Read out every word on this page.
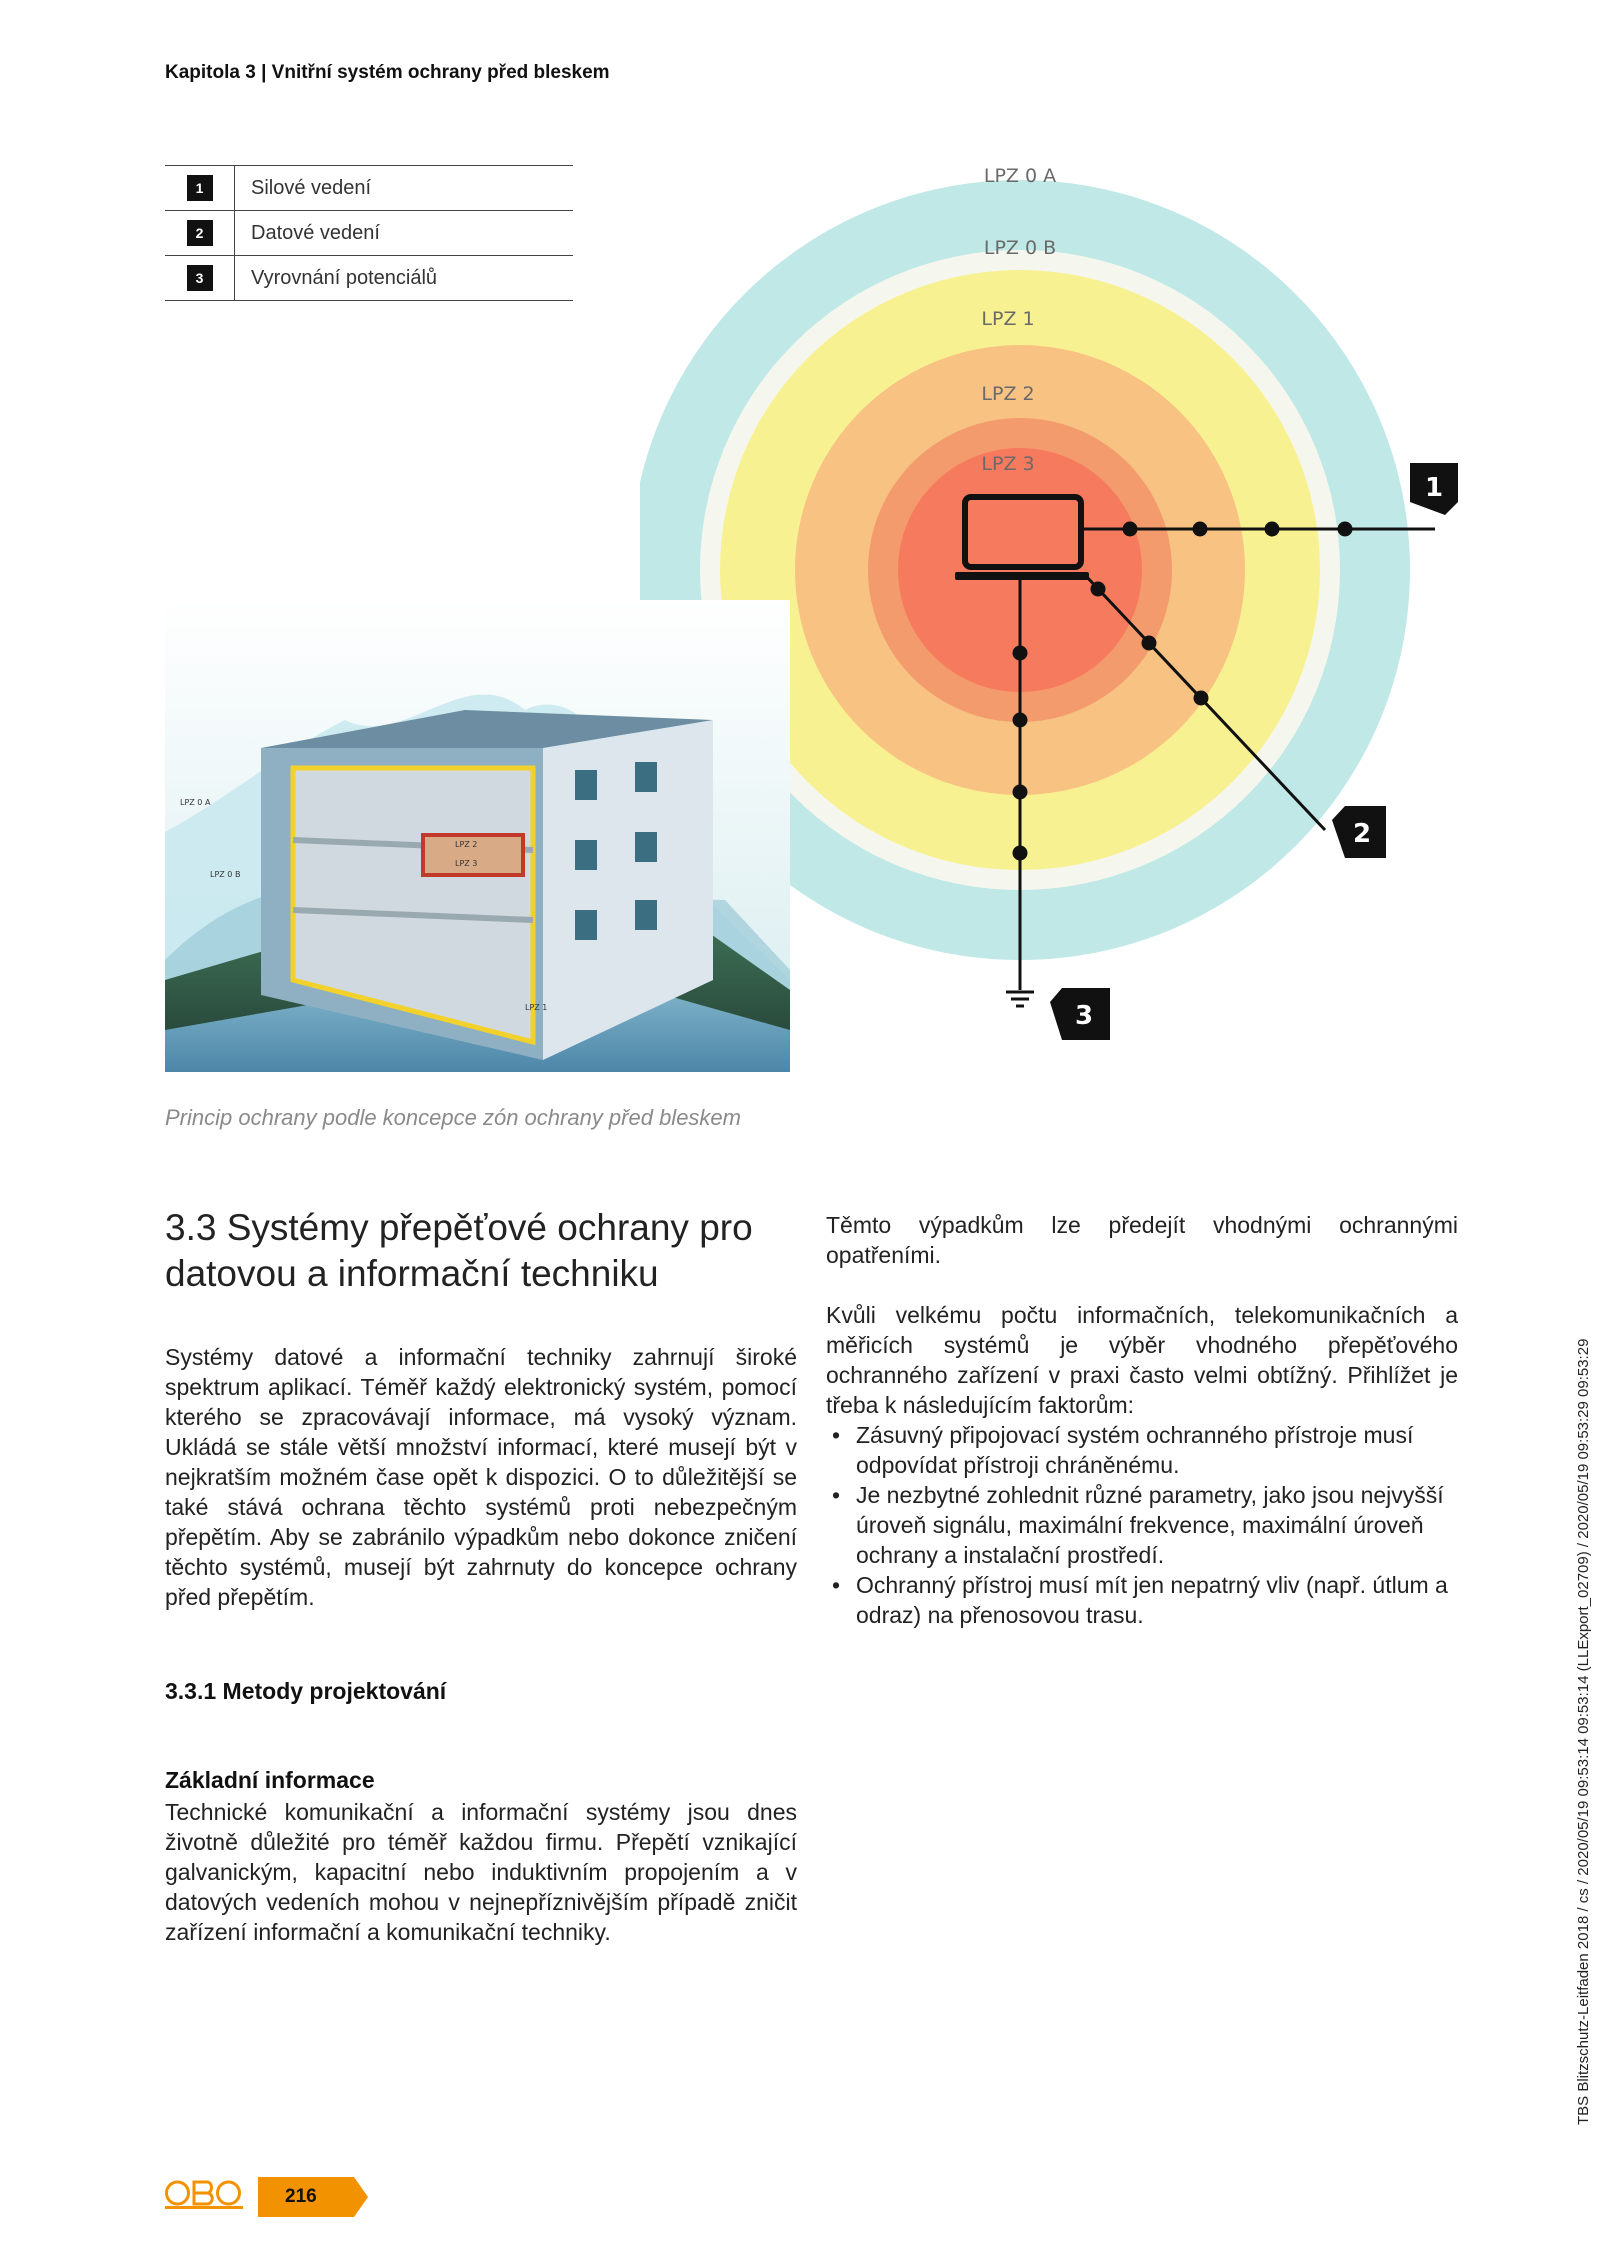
Kapitola 3 | Vnitřní systém ochrany před bleskem
1	Silové vedení
2	Datové vedení
3	Vyrovnání potenciálů
LPZ 0 A
LPZ 0 B
LPZ 1
LPZ 2
LPZ 3
1
2
3
LPZ 0 A
LPZ 0 B
LPZ 2
LPZ 3
LPZ 1
Princip ochrany podle koncepce zón ochrany před bleskem
3.3 Systémy přepěťové ochrany pro
datovou a informační techniku

Systémy datové a informační techniky zahrnují široké spektrum aplikací. Téměř každý elektronický systém, pomocí kterého se zpracovávají informace, má vysoký význam. Ukládá se stále větší množství informací, které musejí být v nejkratším možném čase opět k dispozici. O to důležitější se také stává ochrana těchto systémů proti nebezpečným přepětím. Aby se zabránilo výpadkům nebo dokonce zničení těchto systémů, musejí být zahrnuty do koncepce ochrany před přepětím.

3.3.1 Metody projektování
Základní informace

Technické komunikační a informační systémy jsou dnes životně důležité pro téměř každou firmu. Přepětí vznikající galvanickým, kapacitní nebo induktivním propojením a v datových vedeních mohou v nejnepříznivějším případě zničit zařízení informační a komunikační techniky.

Těmto výpadkům lze předejít vhodnými ochrannými opatřeními.

Kvůli velkému počtu informačních, telekomunikačních a měřicích systémů je výběr vhodného přepěťového ochranného zařízení v praxi často velmi obtížný. Přihlížet je třeba k následujícím faktorům:

• Zásuvný připojovací systém ochranného přístroje musí odpovídat přístroji chráněnému.
• Je nezbytné zohlednit různé parametry, jako jsou nejvyšší úroveň signálu, maximální frekvence, maximální úroveň ochrany a instalační prostředí.
• Ochranný přístroj musí mít jen nepatrný vliv (např. útlum a odraz) na přenosovou trasu.	TBS Blitzschutz-Leitfaden 2018 / cs / 2020/05/19 09:53:14 09:53:14 (LLExport_02709) / 2020/05/19 09:53:29 09:53:29
216
